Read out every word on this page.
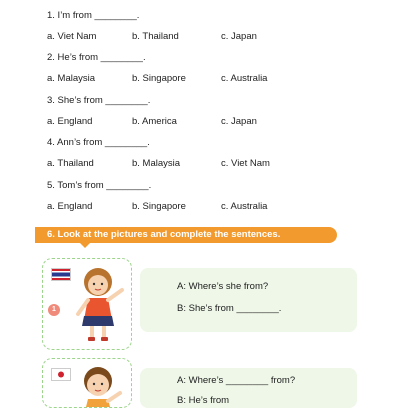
1. I’m from ________.
a. Viet Nam	b. Thailand	c. Japan
2. He’s from ________.
a. Malaysia	b. Singapore	c. Australia
3. She’s from ________.
a. England	b. America	c. Japan
4. Ann’s from ________.
a. Thailand	b. Malaysia	c. Viet Nam
5. Tom’s from ________.
a. England	b. Singapore	c. Australia
6. Look at the pictures and complete the sentences.
1
A: Where’s she from?
B: She’s from ________.
A: Where’s ________ from?
B: He’s from
